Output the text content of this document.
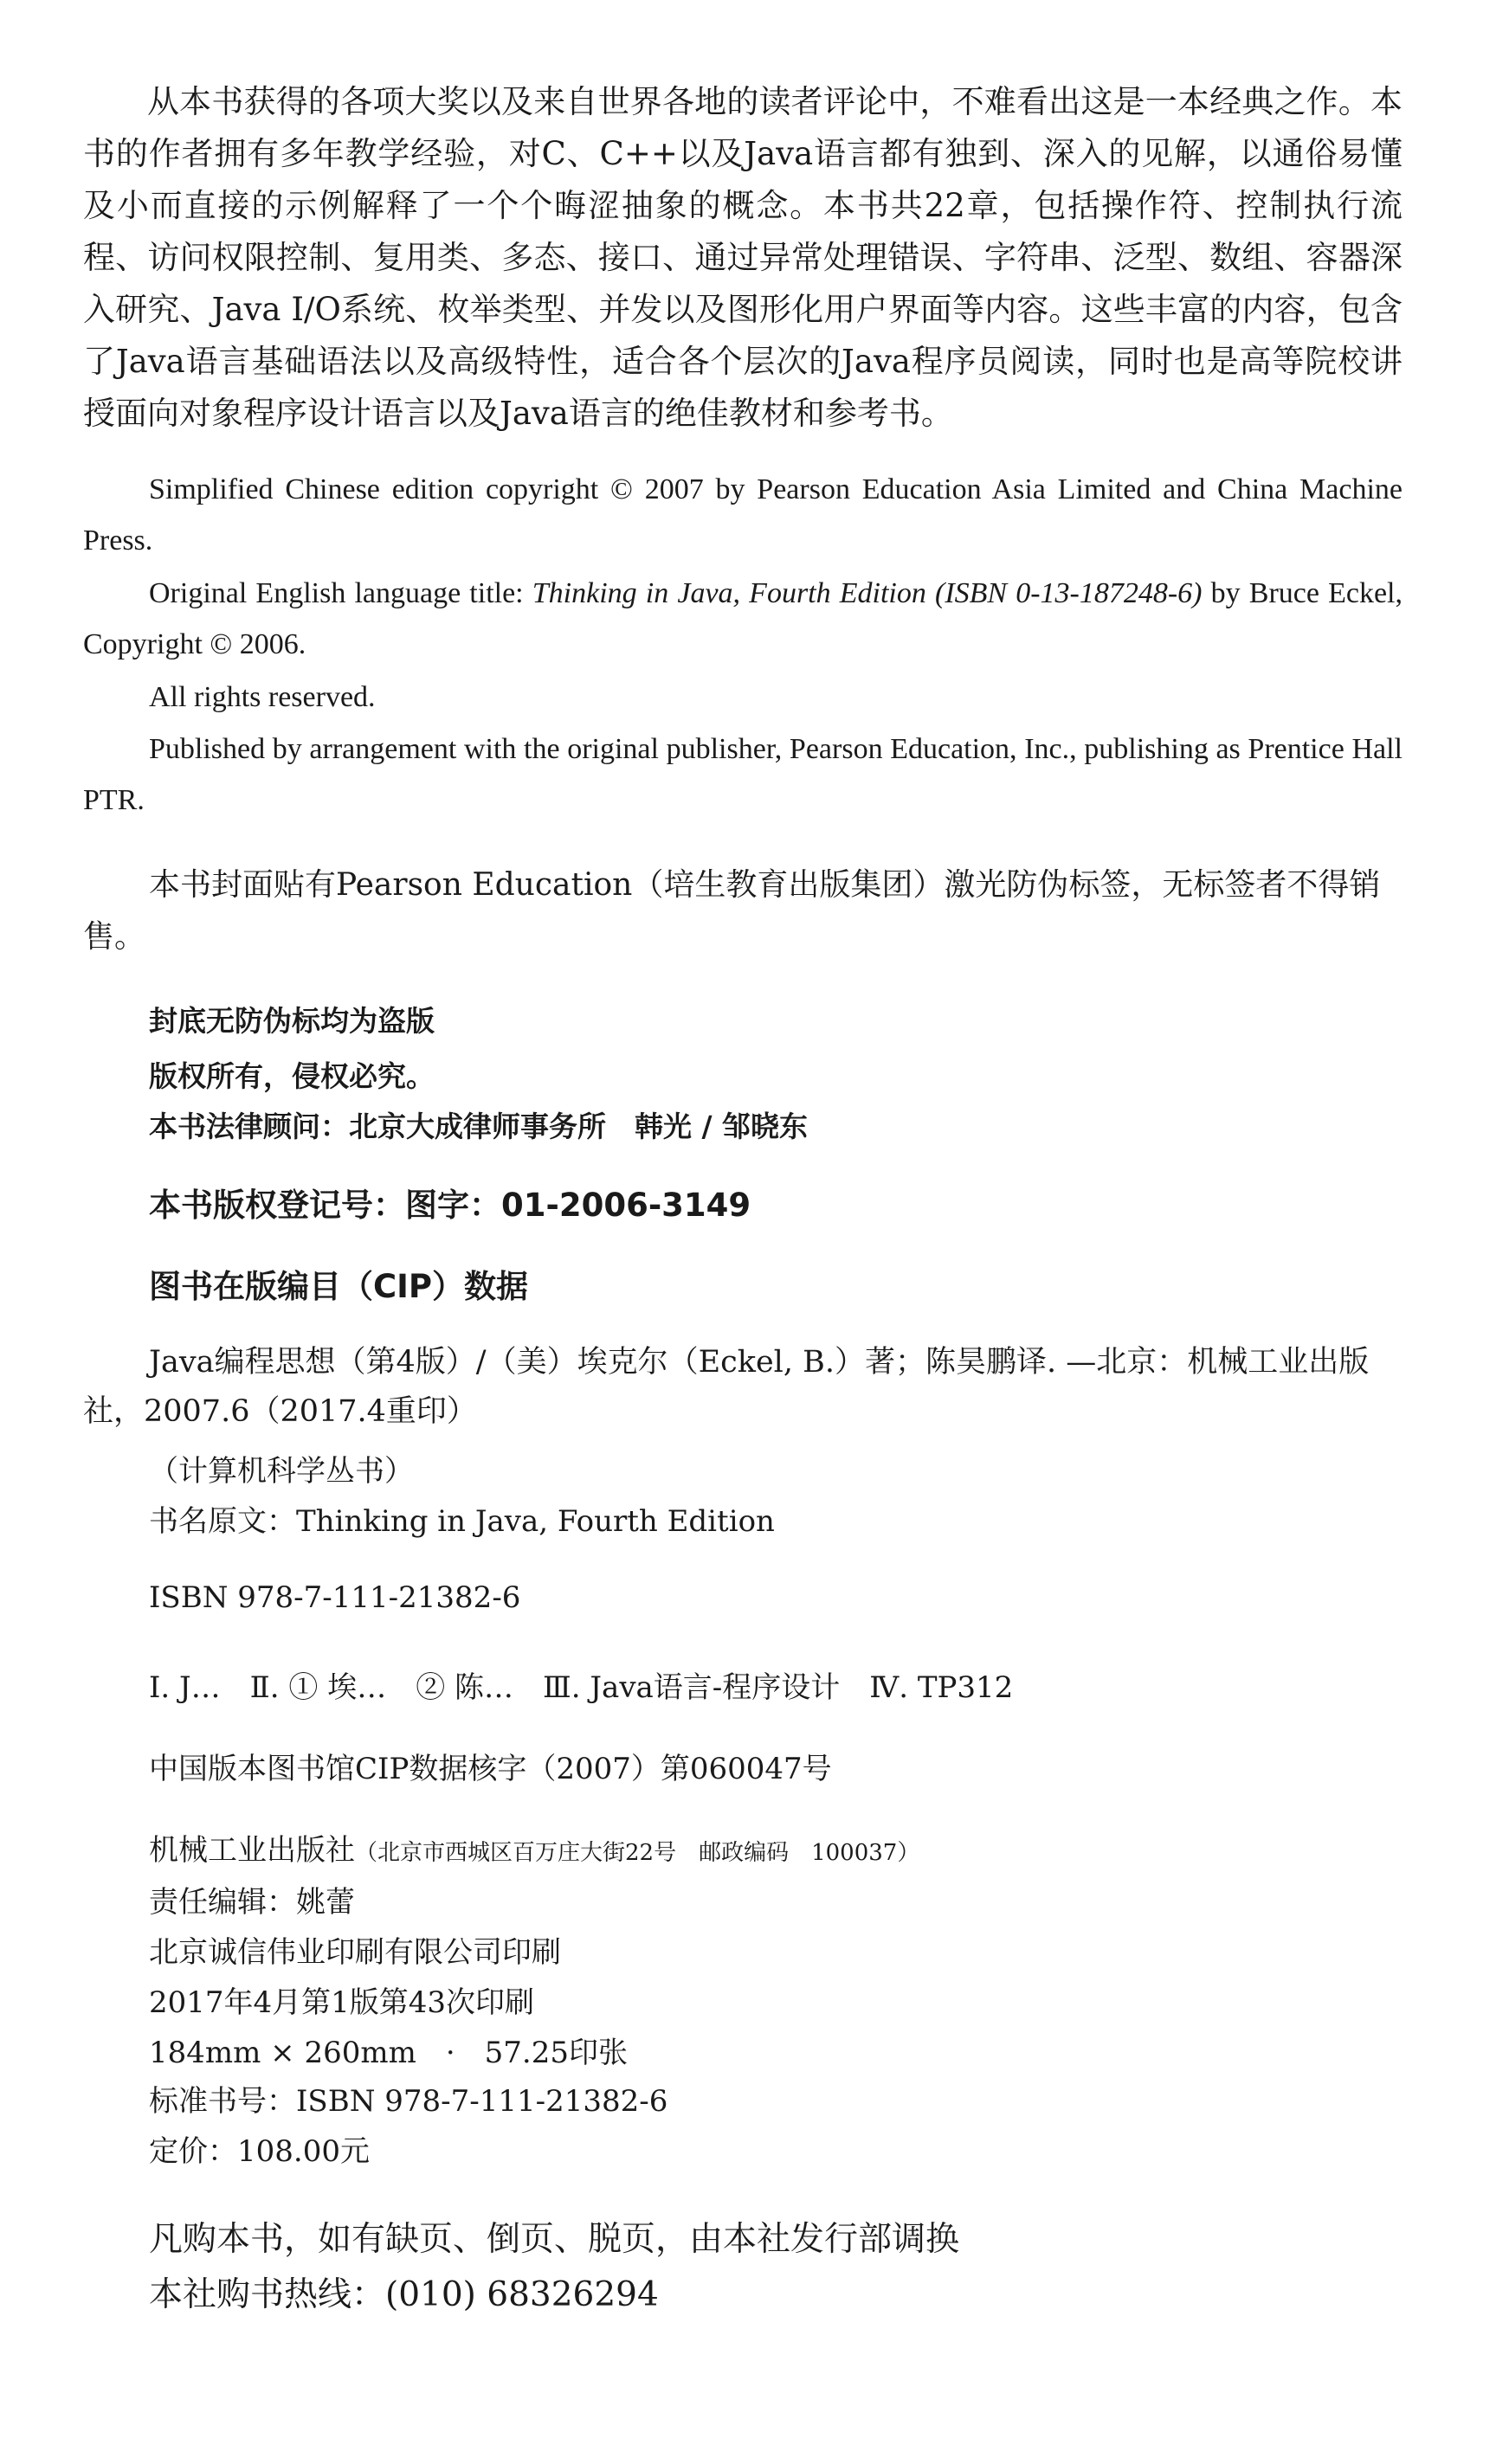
从本书获得的各项大奖以及来自世界各地的读者评论中，不难看出这是一本经典之作。本书的作者拥有多年教学经验，对C、C++以及Java语言都有独到、深入的见解，以通俗易懂及小而直接的示例解释了一个个晦涩抽象的概念。本书共22章，包括操作符、控制执行流程、访问权限控制、复用类、多态、接口、通过异常处理错误、字符串、泛型、数组、容器深入研究、Java I/O系统、枚举类型、并发以及图形化用户界面等内容。这些丰富的内容，包含了Java语言基础语法以及高级特性，适合各个层次的Java程序员阅读，同时也是高等院校讲授面向对象程序设计语言以及Java语言的绝佳教材和参考书。

Simplified Chinese edition copyright © 2007 by Pearson Education Asia Limited and China Machine Press.

Original English language title: Thinking in Java, Fourth Edition (ISBN 0-13-187248-6) by Bruce Eckel, Copyright © 2006.

All rights reserved.

Published by arrangement with the original publisher, Pearson Education, Inc., publishing as Prentice Hall PTR.

本书封面贴有Pearson Education（培生教育出版集团）激光防伪标签，无标签者不得销售。

封底无防伪标均为盗版

版权所有，侵权必究。

本书法律顾问：北京大成律师事务所　韩光 / 邹晓东

本书版权登记号：图字：01-2006-3149

图书在版编目（CIP）数据

Java编程思想（第4版）/（美）埃克尔（Eckel, B.）著；陈昊鹏译. —北京：机械工业出版社，2007.6（2017.4重印）

（计算机科学丛书）

书名原文：Thinking in Java, Fourth Edition

ISBN 978-7-111-21382-6

Ⅰ. J…　Ⅱ. ① 埃…　② 陈…　Ⅲ. Java语言-程序设计　Ⅳ. TP312

中国版本图书馆CIP数据核字（2007）第060047号

机械工业出版社（北京市西城区百万庄大街22号　邮政编码　100037）

责任编辑：姚蕾

北京诚信伟业印刷有限公司印刷

2017年4月第1版第43次印刷

184mm × 260mm　·　57.25印张

标准书号：ISBN 978-7-111-21382-6

定价：108.00元

凡购本书，如有缺页、倒页、脱页，由本社发行部调换

本社购书热线：(010) 68326294
